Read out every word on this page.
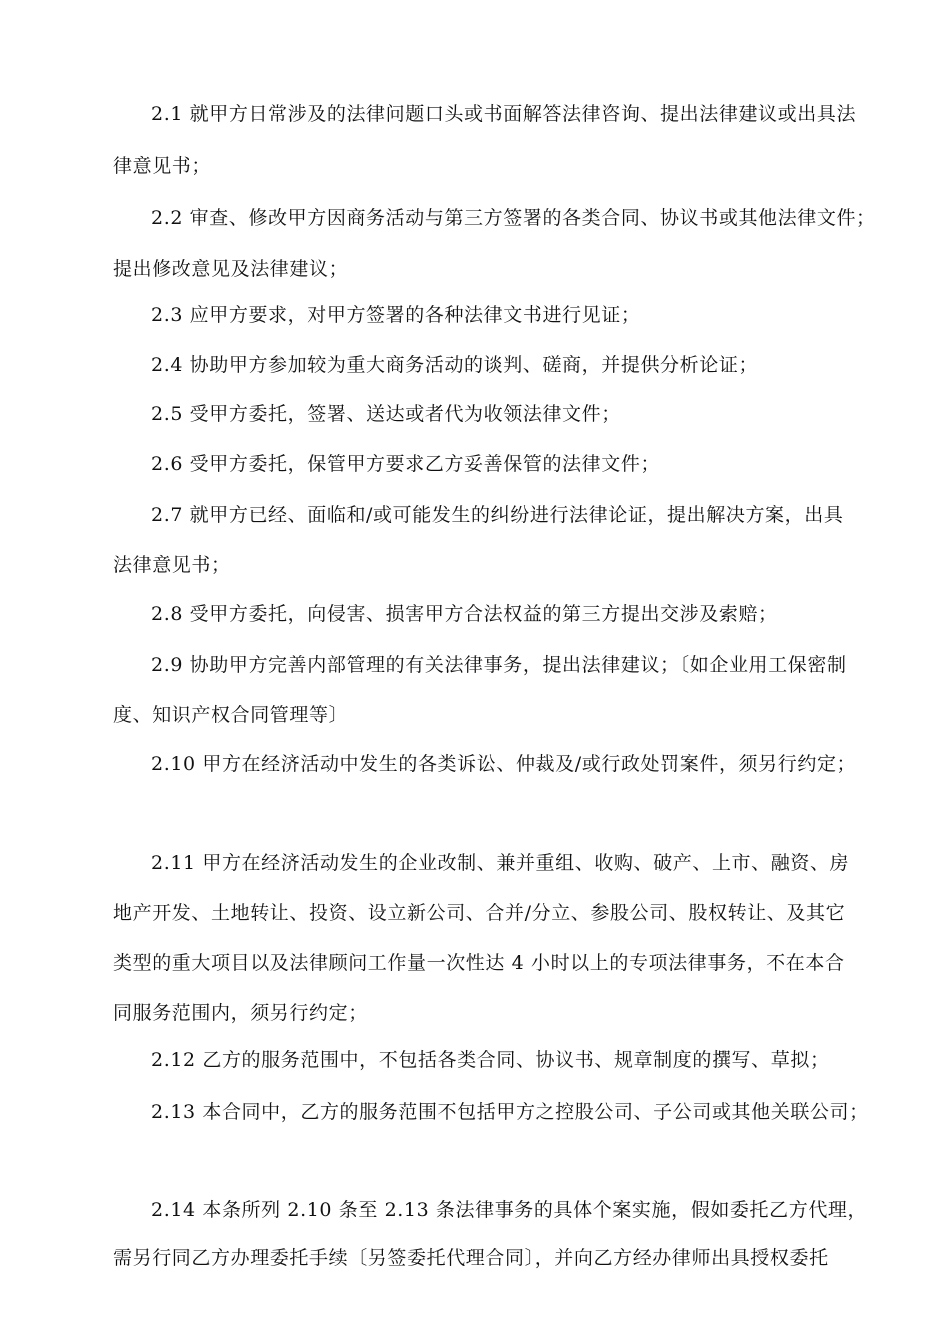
2.1 就甲方日常涉及的法律问题口头或书面解答法律咨询、提出法律建议或出具法
律意见书；
2.2 审查、修改甲方因商务活动与第三方签署的各类合同、协议书或其他法律文件；
提出修改意见及法律建议；
2.3 应甲方要求，对甲方签署的各种法律文书进行见证；
2.4 协助甲方参加较为重大商务活动的谈判、磋商，并提供分析论证；
2.5 受甲方委托，签署、送达或者代为收领法律文件；
2.6 受甲方委托，保管甲方要求乙方妥善保管的法律文件；
2.7 就甲方已经、面临和/或可能发生的纠纷进行法律论证，提出解决方案，出具
法律意见书；
2.8 受甲方委托，向侵害、损害甲方合法权益的第三方提出交涉及索赔；
2.9 协助甲方完善内部管理的有关法律事务，提出法律建议；〔如企业用工保密制
度、知识产权合同管理等〕
2.10 甲方在经济活动中发生的各类诉讼、仲裁及/或行政处罚案件，须另行约定；
2.11 甲方在经济活动发生的企业改制、兼并重组、收购、破产、上市、融资、房
地产开发、土地转让、投资、设立新公司、合并/分立、参股公司、股权转让、及其它
类型的重大项目以及法律顾问工作量一次性达 4 小时以上的专项法律事务，不在本合
同服务范围内，须另行约定；
2.12 乙方的服务范围中，不包括各类合同、协议书、规章制度的撰写、草拟；
2.13 本合同中，乙方的服务范围不包括甲方之控股公司、子公司或其他关联公司；
2.14 本条所列 2.10 条至 2.13 条法律事务的具体个案实施，假如委托乙方代理，
需另行同乙方办理委托手续〔另签委托代理合同〕，并向乙方经办律师出具授权委托
